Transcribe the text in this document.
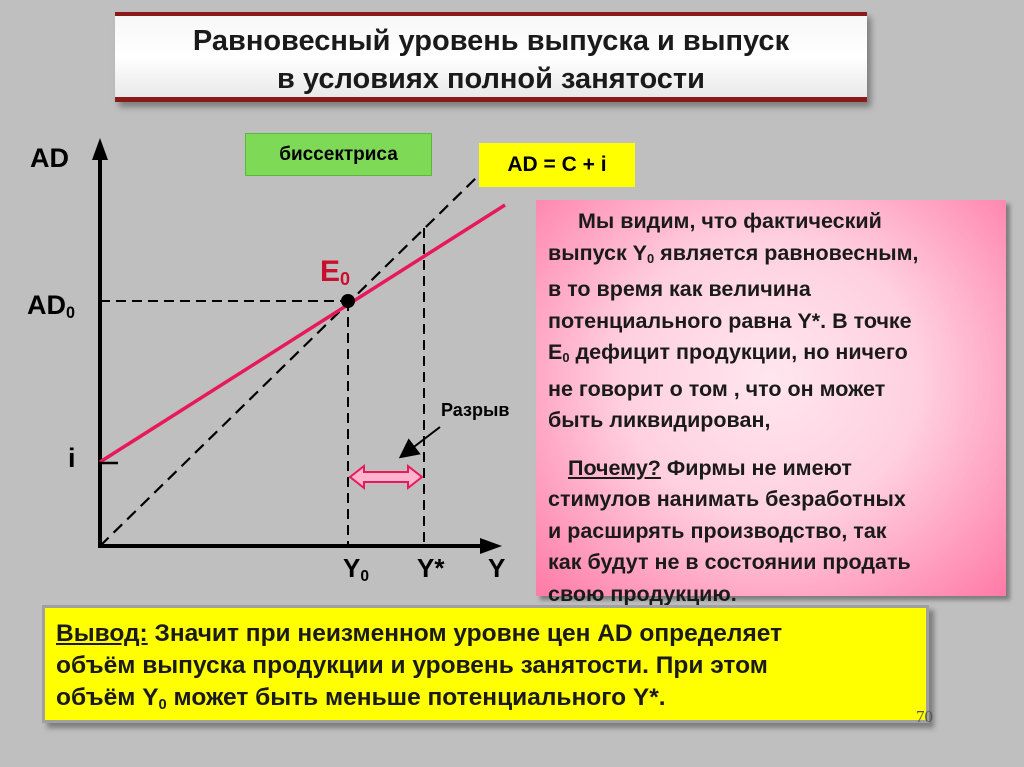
Равновесный уровень выпуска и выпуск
в условиях полной занятости
AD
$AD_0$
i
$E_0$
$Y_0$ Y* Y
Разрыв
биссектриса	AD = C + i
Мы видим, что фактический
выпуск $Y_0$ является равновесным,
в то время как величина
потенциального равна Y*. В точке
$E_0$ дефицит продукции, но ничего
не говорит о том , что он может
быть ликвидирован,
Почему? Фирмы не имеют
стимулов нанимать безработных
и расширять производство, так
как будут не в состоянии продать
свою продукцию.
Вывод: Значит при неизменном уровне цен AD определяет
объём выпуска продукции и уровень занятости. При этом
объём $Y_0$ может быть меньше потенциального Y*.
70
